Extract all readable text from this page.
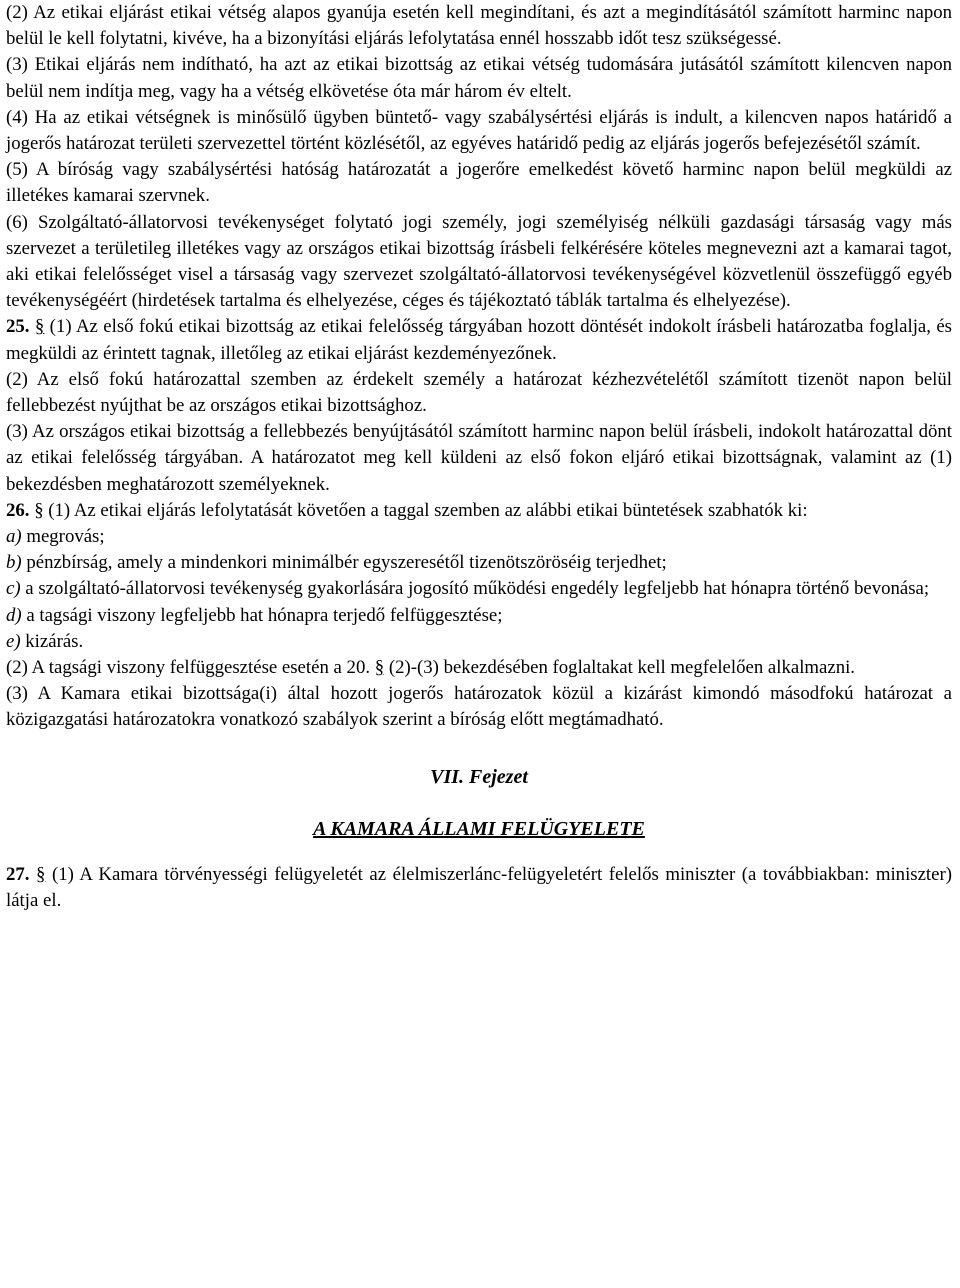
(2) Az etikai eljárást etikai vétség alapos gyanúja esetén kell megindítani, és azt a megindításától számított harminc napon belül le kell folytatni, kivéve, ha a bizonyítási eljárás lefolytatása ennél hosszabb időt tesz szükségessé.

(3) Etikai eljárás nem indítható, ha azt az etikai bizottság az etikai vétség tudomására jutásától számított kilencven napon belül nem indítja meg, vagy ha a vétség elkövetése óta már három év eltelt.

(4) Ha az etikai vétségnek is minősülő ügyben büntető- vagy szabálysértési eljárás is indult, a kilencven napos határidő a jogerős határozat területi szervezettel történt közlésétől, az egyéves határidő pedig az eljárás jogerős befejezésétől számít.

(5) A bíróság vagy szabálysértési hatóság határozatát a jogerőre emelkedést követő harminc napon belül megküldi az illetékes kamarai szervnek.

(6) Szolgáltató-állatorvosi tevékenységet folytató jogi személy, jogi személyiség nélküli gazdasági társaság vagy más szervezet a területileg illetékes vagy az országos etikai bizottság írásbeli felkérésére köteles megnevezni azt a kamarai tagot, aki etikai felelősséget visel a társaság vagy szervezet szolgáltató-állatorvosi tevékenységével közvetlenül összefüggő egyéb tevékenységéért (hirdetések tartalma és elhelyezése, céges és tájékoztató táblák tartalma és elhelyezése).

25. § (1) Az első fokú etikai bizottság az etikai felelősség tárgyában hozott döntését indokolt írásbeli határozatba foglalja, és megküldi az érintett tagnak, illetőleg az etikai eljárást kezdeményezőnek.

(2) Az első fokú határozattal szemben az érdekelt személy a határozat kézhezvételétől számított tizenöt napon belül fellebbezést nyújthat be az országos etikai bizottsághoz.

(3) Az országos etikai bizottság a fellebbezés benyújtásától számított harminc napon belül írásbeli, indokolt határozattal dönt az etikai felelősség tárgyában. A határozatot meg kell küldeni az első fokon eljáró etikai bizottságnak, valamint az (1) bekezdésben meghatározott személyeknek.

26. § (1) Az etikai eljárás lefolytatását követően a taggal szemben az alábbi etikai büntetések szabhatók ki:

a) megrovás;

b) pénzbírság, amely a mindenkori minimálbér egyszeresétől tizenötszöröséig terjedhet;

c) a szolgáltató-állatorvosi tevékenység gyakorlására jogosító működési engedély legfeljebb hat hónapra történő bevonása;

d) a tagsági viszony legfeljebb hat hónapra terjedő felfüggesztése;

e) kizárás.

(2) A tagsági viszony felfüggesztése esetén a 20. § (2)-(3) bekezdésében foglaltakat kell megfelelően alkalmazni.

(3) A Kamara etikai bizottsága(i) által hozott jogerős határozatok közül a kizárást kimondó másodfokú határozat a közigazgatási határozatokra vonatkozó szabályok szerint a bíróság előtt megtámadható.

VII. Fejezet

A KAMARA ÁLLAMI FELÜGYELETE

27. § (1) A Kamara törvényességi felügyeletét az élelmiszerlánc-felügyeletért felelős miniszter (a továbbiakban: miniszter) látja el.
